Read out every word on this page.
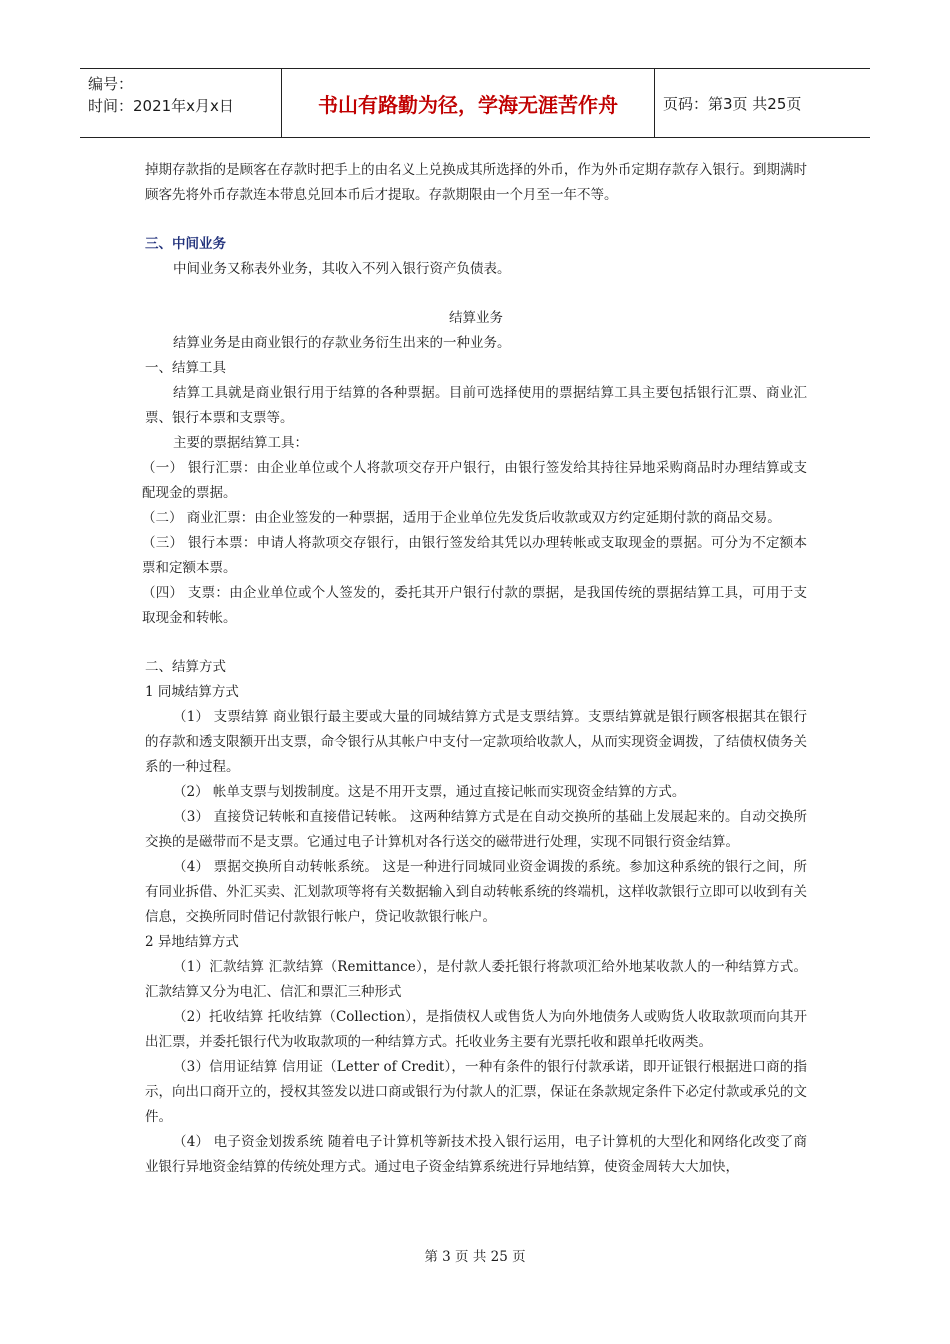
编号：
时间：2021年x月x日	书山有路勤为径，学海无涯苦作舟	页码：第3页 共25页

掉期存款指的是顾客在存款时把手上的由名义上兑换成其所选择的外币，作为外币定期存款存入银行。到期满时顾客先将外币存款连本带息兑回本币后才提取。存款期限由一个月至一年不等。

三、中间业务

中间业务又称表外业务，其收入不列入银行资产负债表。

结算业务

结算业务是由商业银行的存款业务衍生出来的一种业务。

一、结算工具

结算工具就是商业银行用于结算的各种票据。目前可选择使用的票据结算工具主要包括银行汇票、商业汇票、银行本票和支票等。

主要的票据结算工具：

（一） 银行汇票：由企业单位或个人将款项交存开户银行，由银行签发给其持往异地采购商品时办理结算或支配现金的票据。

（二） 商业汇票：由企业签发的一种票据，适用于企业单位先发货后收款或双方约定延期付款的商品交易。

（三） 银行本票：申请人将款项交存银行，由银行签发给其凭以办理转帐或支取现金的票据。可分为不定额本票和定额本票。

（四） 支票：由企业单位或个人签发的，委托其开户银行付款的票据，是我国传统的票据结算工具，可用于支取现金和转帐。

二、结算方式

1 同城结算方式

（1） 支票结算 商业银行最主要或大量的同城结算方式是支票结算。支票结算就是银行顾客根据其在银行的存款和透支限额开出支票，命令银行从其帐户中支付一定款项给收款人，从而实现资金调拨，了结债权债务关系的一种过程。

（2） 帐单支票与划拨制度。这是不用开支票，通过直接记帐而实现资金结算的方式。

（3） 直接贷记转帐和直接借记转帐。 这两种结算方式是在自动交换所的基础上发展起来的。自动交换所交换的是磁带而不是支票。它通过电子计算机对各行送交的磁带进行处理，实现不同银行资金结算。

（4） 票据交换所自动转帐系统。 这是一种进行同城同业资金调拨的系统。参加这种系统的银行之间，所有同业拆借、外汇买卖、汇划款项等将有关数据输入到自动转帐系统的终端机，这样收款银行立即可以收到有关信息，交换所同时借记付款银行帐户，贷记收款银行帐户。

2 异地结算方式

（1）汇款结算 汇款结算（Remittance），是付款人委托银行将款项汇给外地某收款人的一种结算方式。汇款结算又分为电汇、信汇和票汇三种形式

（2）托收结算 托收结算（Collection），是指债权人或售货人为向外地债务人或购货人收取款项而向其开出汇票，并委托银行代为收取款项的一种结算方式。托收业务主要有光票托收和跟单托收两类。

（3）信用证结算 信用证（Letter of Credit），一种有条件的银行付款承诺，即开证银行根据进口商的指示，向出口商开立的，授权其签发以进口商或银行为付款人的汇票，保证在条款规定条件下必定付款或承兑的文件。

（4） 电子资金划拨系统 随着电子计算机等新技术投入银行运用，电子计算机的大型化和网络化改变了商业银行异地资金结算的传统处理方式。通过电子资金结算系统进行异地结算，使资金周转大大加快，

第 3 页 共 25 页
